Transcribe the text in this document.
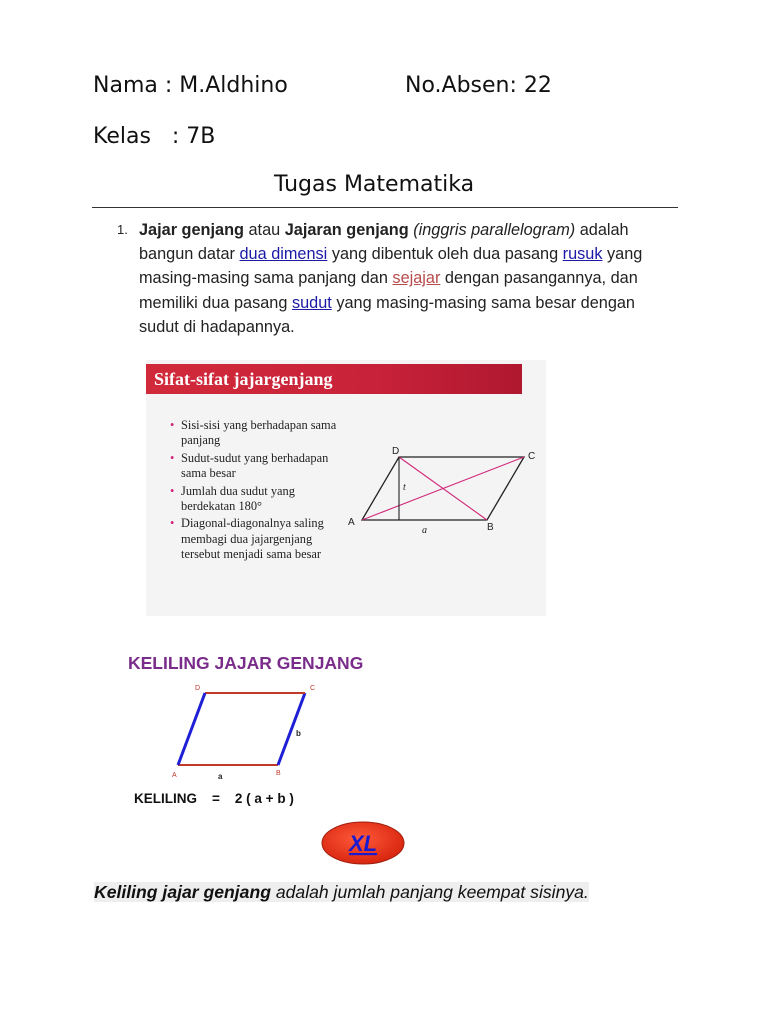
Nama : M.Aldhino	No.Absen: 22
Kelas   : 7B
Tugas Matematika
1. Jajar genjang atau Jajaran genjang (inggris parallelogram) adalah bangun datar dua dimensi yang dibentuk oleh dua pasang rusuk yang masing-masing sama panjang dan sejajar dengan pasangannya, dan memiliki dua pasang sudut yang masing-masing sama besar dengan sudut di hadapannya.
Sifat-sifat jajargenjang
• Sisi-sisi yang berhadapan sama panjang
• Sudut-sudut yang berhadapan sama besar
• Jumlah dua sudut yang berdekatan 180°
• Diagonal-diagonalnya saling membagi dua jajargenjang tersebut menjadi sama besar
A	B
C
D
t
a
KELILING JAJAR GENJANG
A	B
C
D
a
b
KELILING = 2 ( a + b )
XL
Keliling jajar genjang adalah jumlah panjang keempat sisinya.
